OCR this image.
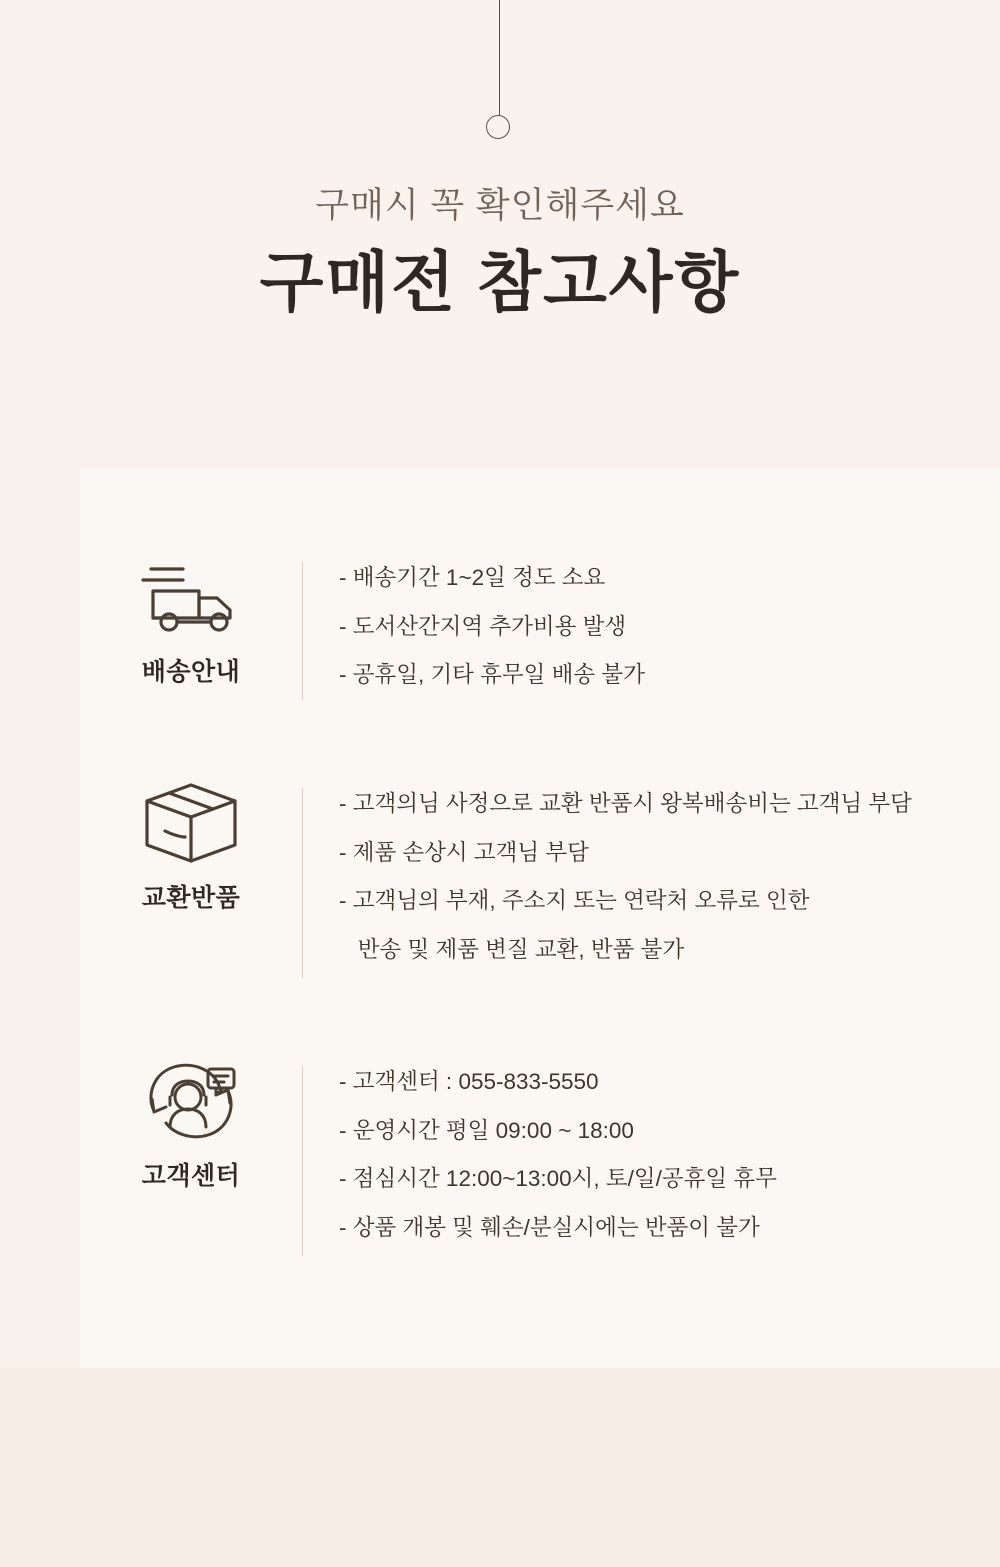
구매시 꼭 확인해주세요
구매전 참고사항
배송안내

- 배송기간 1~2일 정도 소요

- 도서산간지역 추가비용 발생

- 공휴일, 기타 휴무일 배송 불가

교환반품

- 고객의님 사정으로 교환 반품시 왕복배송비는 고객님 부담

- 제품 손상시 고객님 부담

- 고객님의 부재, 주소지 또는 연락처 오류로 인한

반송 및 제품 변질 교환, 반품 불가

고객센터

- 고객센터 : 055-833-5550

- 운영시간 평일 09:00 ~ 18:00

- 점심시간 12:00~13:00시, 토/일/공휴일 휴무

- 상품 개봉 및 훼손/분실시에는 반품이 불가
